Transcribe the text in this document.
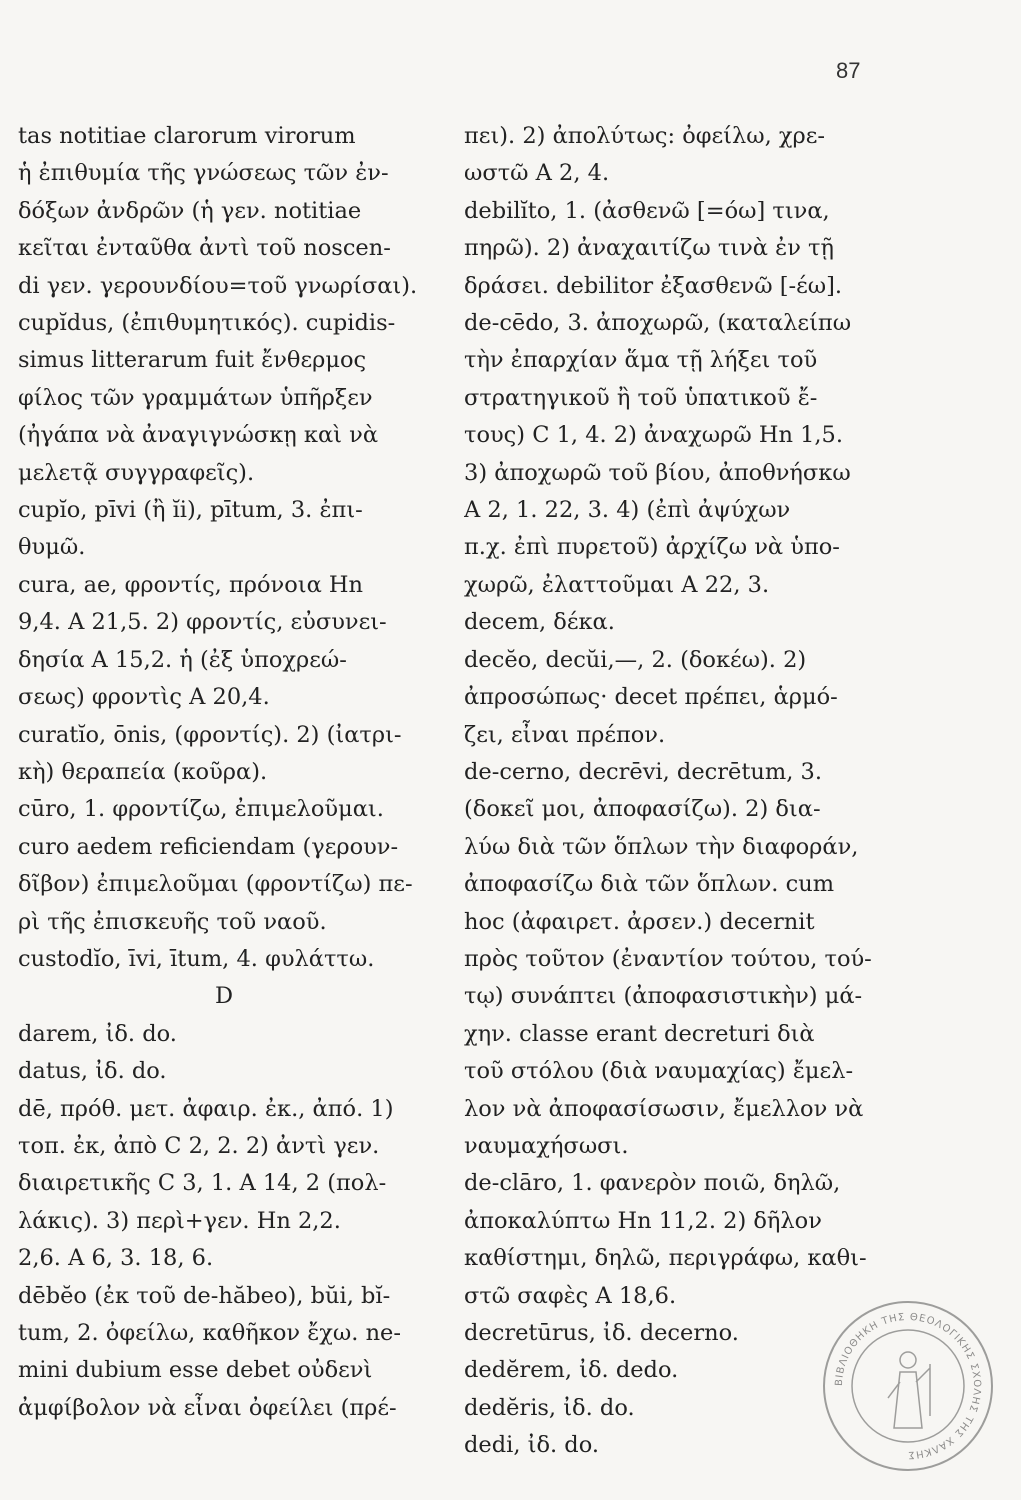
87
tas notitiae clarorum virorum
ἡ ἐπιθυμία τῆς γνώσεως τῶν ἐν-
δόξων ἀνδρῶν (ἡ γεν. notitiae
κεῖται ἐνταῦθα ἀντὶ τοῦ noscen-
di γεν. γερουνδίου=τοῦ γνωρίσαι).
cupĭdus, (ἐπιθυμητικός). cupidis-
simus litterarum fuit ἔνθερμος
φίλος τῶν γραμμάτων ὑπῆρξεν
(ἠγάπα νὰ ἀναγιγνώσκῃ καὶ νὰ
μελετᾷ συγγραφεῖς).
cupĭo, pīvi (ἢ ĭi), pītum, 3. ἐπι-
θυμῶ.
cura, ae, φροντίς, πρόνοια Hn
9,4. A 21,5. 2) φροντίς, εὐσυνει-
δησία A 15,2. ἡ (ἐξ ὑποχρεώ-
σεως) φροντὶς A 20,4.
curatĭo, ōnis, (φροντίς). 2) (ἰατρι-
κὴ) θεραπεία (κοῦρα).
cūro, 1. φροντίζω, ἐπιμελοῦμαι.
curo aedem reficiendam (γερουν-
δῖβον) ἐπιμελοῦμαι (φροντίζω) πε-
ρὶ τῆς ἐπισκευῆς τοῦ ναοῦ.
custodĭo, īvi, ītum, 4. φυλάττω.
D
darem, ἰδ. do.
datus, ἰδ. do.
dē, πρόθ. μετ. ἀφαιρ. ἐκ., ἀπό. 1)
τοπ. ἐκ, ἀπὸ C 2, 2. 2) ἀντὶ γεν.
διαιρετικῆς C 3, 1. A 14, 2 (πολ-
λάκις). 3) περὶ+γεν. Hn 2,2.
2,6. A 6, 3. 18, 6.
dēbĕo (ἐκ τοῦ de-hăbeo), bŭi, bĭ-
tum, 2. ὀφείλω, καθῆκον ἔχω. ne-
mini dubium esse debet οὐδενὶ
ἀμφίβολον νὰ εἶναι ὀφείλει (πρέ-
πει). 2) ἀπολύτως: ὀφείλω, χρε-
ωστῶ A 2, 4.
debilĭto, 1. (ἀσθενῶ [=όω] τινα,
πηρῶ). 2) ἀναχαιτίζω τινὰ ἐν τῇ
δράσει. debilitor ἐξασθενῶ [-έω].
de-cēdo, 3. ἀποχωρῶ, (καταλείπω
τὴν ἐπαρχίαν ἅμα τῇ λήξει τοῦ
στρατηγικοῦ ἢ τοῦ ὑπατικοῦ ἔ-
τους) C 1, 4. 2) ἀναχωρῶ Hn 1,5.
3) ἀποχωρῶ τοῦ βίου, ἀποθνήσκω
A 2, 1. 22, 3. 4) (ἐπὶ ἀψύχων
π.χ. ἐπὶ πυρετοῦ) ἀρχίζω νὰ ὑπο-
χωρῶ, ἐλαττοῦμαι A 22, 3.
decem, δέκα.
decĕo, decŭi,—, 2. (δοκέω). 2)
ἀπροσώπως· decet πρέπει, ἁρμό-
ζει, εἶναι πρέπον.
de-cerno, decrēvi, decrētum, 3.
(δοκεῖ μοι, ἀποφασίζω). 2) δια-
λύω διὰ τῶν ὅπλων τὴν διαφοράν,
ἀποφασίζω διὰ τῶν ὅπλων. cum
hoc (ἀφαιρετ. ἀρσεν.) decernit
πρὸς τοῦτον (ἐναντίον τούτου, τού-
τῳ) συνάπτει (ἀποφασιστικὴν) μά-
χην. classe erant decreturi διὰ
τοῦ στόλου (διὰ ναυμαχίας) ἔμελ-
λον νὰ ἀποφασίσωσιν, ἔμελλον νὰ
ναυμαχήσωσι.
de-clāro, 1. φανερὸν ποιῶ, δηλῶ,
ἀποκαλύπτω Hn 11,2. 2) δῆλον
καθίστημι, δηλῶ, περιγράφω, καθι-
στῶ σαφὲς A 18,6.
decretūrus, ἰδ. decerno.
dedĕrem, ἰδ. dedo.
dedĕris, ἰδ. do.
dedi, ἰδ. do.
ΒΙΒΛΙΟΘΗΚΗ ΤΗΣ ΘΕΟΛΟΓΙΚΗΣ ΣΧΟΛΗΣ ΤΗΣ ΧΑΛΚΗΣ
